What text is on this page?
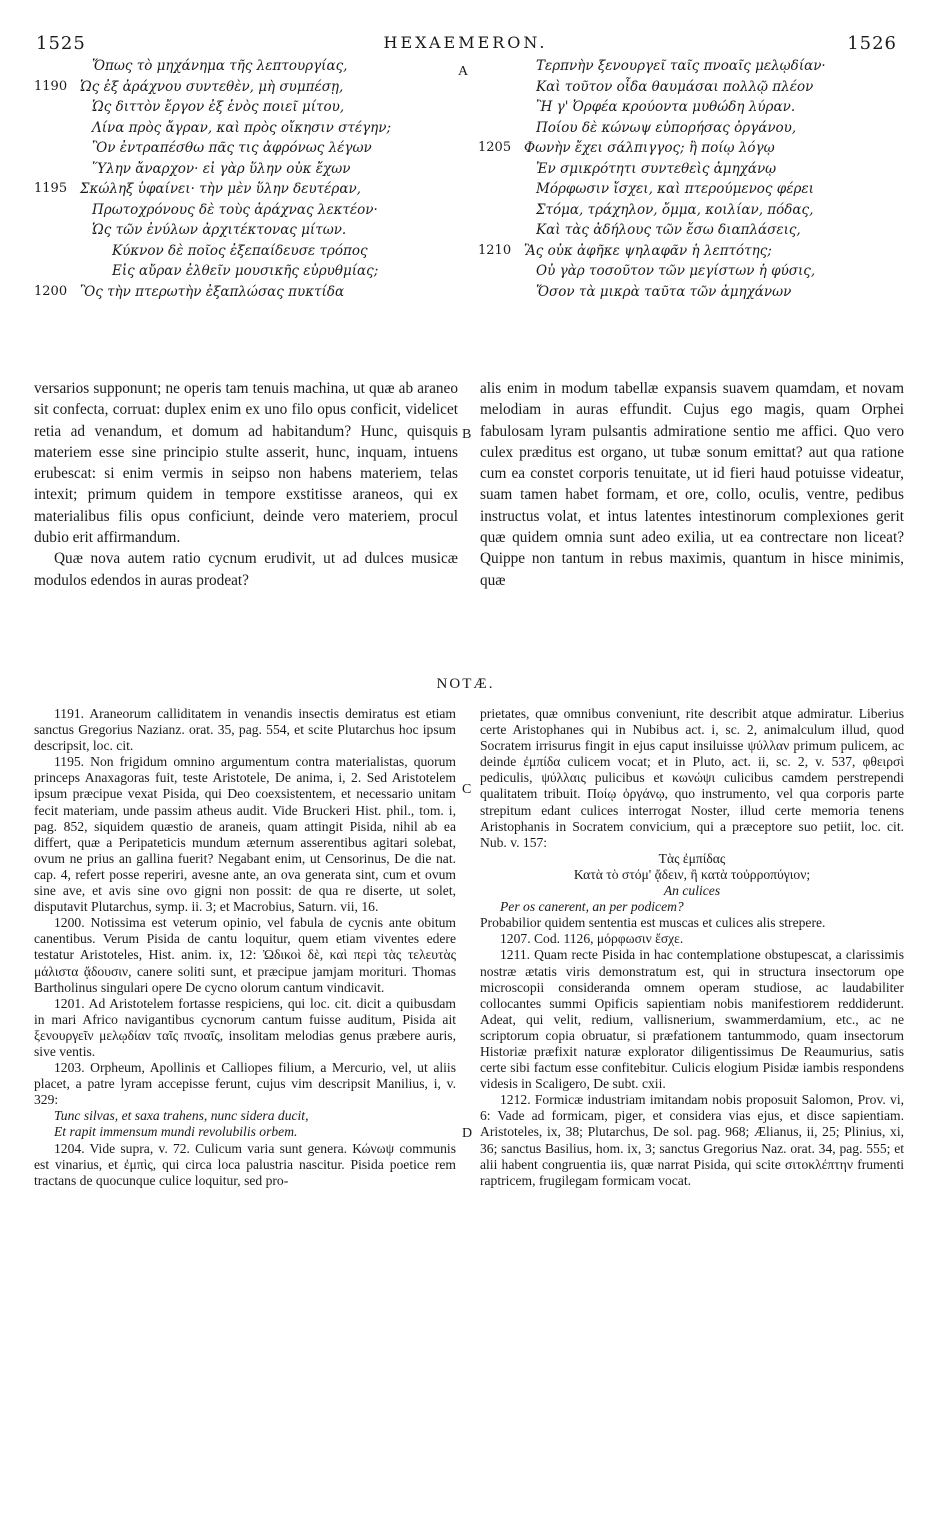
1525	HEXAEMERON.	1526
Ὅπως τὸ μηχάνημα τῆς λεπτουργίας,
1190 Ὡς ἐξ ἀράχνου συντεθὲν, μὴ συμπέσῃ,
Ὡς διττὸν ἔργον ἐξ ἑνὸς ποιεῖ μίτου,
Λίνα πρὸς ἄγραν, καὶ πρὸς οἴκησιν στέγην;
Ὃν ἐντραπέσθω πᾶς τις ἀφρόνως λέγων
Ὕλην ἄναρχον· εἰ γὰρ ὕλην οὐκ ἔχων
1195 Σκώληξ ὑφαίνει· τὴν μὲν ὕλην δευτέραν,
Πρωτοχρόνους δὲ τοὺς ἀράχνας λεκτέον·
Ὡς τῶν ἐνύλων ἀρχιτέκτονας μίτων.
Κύκνον δὲ ποῖος ἐξεπαίδευσε τρόπος
Εἰς αὔραν ἐλθεῖν μουσικῆς εὐρυθμίας;
1200 Ὃς τὴν πτερωτὴν ἐξαπλώσας πυκτίδα
Τερπνὴν ξενουργεῖ ταῖς πνοαῖς μελῳδίαν·
Καὶ τοῦτον οἶδα θαυμάσαι πολλῷ πλέον
Ἢ γ' Ὀρφέα κρούοντα μυθώδη λύραν.
Ποίου δὲ κώνωψ εὐπορήσας ὀργάνου,
1205 Φωνὴν ἔχει σάλπιγγος; ἢ ποίῳ λόγῳ
Ἐν σμικρότητι συντεθεὶς ἀμηχάνῳ
Μόρφωσιν ἴσχει, καὶ πτερούμενος φέρει
Στόμα, τράχηλον, ὄμμα, κοιλίαν, πόδας,
Καὶ τὰς ἀδήλους τῶν ἔσω διαπλάσεις,
1210 Ἃς οὐκ ἀφῆκε ψηλαφᾶν ἡ λεπτότης;
Οὐ γὰρ τοσοῦτον τῶν μεγίστων ἡ φύσις,
Ὅσον τὰ μικρὰ ταῦτα τῶν ἀμηχάνων
A

versarios supponunt; ne operis tam tenuis machina, ut quæ ab araneo sit confecta, corruat: duplex enim ex uno filo opus conficit, videlicet retia ad venandum, et domum ad habitandum? Hunc, quisquis materiem esse sine principio stulte asserit, hunc, inquam, intuens erubescat: si enim vermis in seipso non habens materiem, telas intexit; primum quidem in tempore exstitisse araneos, qui ex materialibus filis opus conficiunt, deinde vero materiem, procul dubio erit affirmandum.

Quæ nova autem ratio cycnum erudivit, ut ad dulces musicæ modulos edendos in auras prodeat?

alis enim in modum tabellæ expansis suavem quamdam, et novam melodiam in auras effundit. Cujus ego magis, quam Orphei fabulosam lyram pulsantis admiratione sentio me affici. Quo vero culex præditus est organo, ut tubæ sonum emittat? aut qua ratione cum ea constet corporis tenuitate, ut id fieri haud potuisse videatur, suam tamen habet formam, et ore, collo, oculis, ventre, pedibus instructus volat, et intus latentes intestinorum complexiones gerit quæ quidem omnia sunt adeo exilia, ut ea contrectare non liceat? Quippe non tantum in rebus maximis, quantum in hisce minimis, quæ

B
NOTÆ.

1191. Araneorum calliditatem in venandis insectis demiratus est etiam sanctus Gregorius Nazianz. orat. 35, pag. 554, et scite Plutarchus hoc ipsum descripsit, loc. cit.

1195. Non frigidum omnino argumentum contra materialistas, quorum princeps Anaxagoras fuit, teste Aristotele, De anima, i, 2. Sed Aristotelem ipsum præcipue vexat Pisida, qui Deo coexsistentem, et necessario unitam fecit materiam, unde passim atheus audit. Vide Bruckeri Hist. phil., tom. i, pag. 852, siquidem quæstio de araneis, quam attingit Pisida, nihil ab ea differt, quæ a Peripateticis mundum æternum asserentibus agitari solebat, ovum ne prius an gallina fuerit? Negabant enim, ut Censorinus, De die nat. cap. 4, refert posse reperiri, avesne ante, an ova generata sint, cum et ovum sine ave, et avis sine ovo gigni non possit: de qua re diserte, ut solet, disputavit Plutarchus, symp. ii. 3; et Macrobius, Saturn. vii, 16.

1200. Notissima est veterum opinio, vel fabula de cycnis ante obitum canentibus. Verum Pisida de cantu loquitur, quem etiam viventes edere testatur Aristoteles, Hist. anim. ix, 12: Ὠδικοὶ δὲ, καὶ περὶ τὰς τελευτὰς μάλιστα ᾄδουσιν, canere soliti sunt, et præcipue jamjam morituri. Thomas Bartholinus singulari opere De cycno olorum cantum vindicavit.

1201. Ad Aristotelem fortasse respiciens, qui loc. cit. dicit a quibusdam in mari Africo navigantibus cycnorum cantum fuisse auditum, Pisida ait ξενουργεῖν μελῳδίαν ταῖς πνοαῖς, insolitam melodias genus præbere auris, sive ventis.

1203. Orpheum, Apollinis et Calliopes filium, a Mercurio, vel, ut aliis placet, a patre lyram accepisse ferunt, cujus vim descripsit Manilius, i, v. 329:

Tunc silvas, et saxa trahens, nunc sidera ducit,

Et rapit immensum mundi revolubilis orbem.

1204. Vide supra, v. 72. Culicum varia sunt genera. Κώνωψ communis est vinarius, et ἐμπὶς, qui circa loca palustria nascitur. Pisida poetice rem tractans de quocunque culice loquitur, sed pro-

prietates, quæ omnibus conveniunt, rite describit atque admiratur. Liberius certe Aristophanes qui in Nubibus act. i, sc. 2, animalculum illud, quod Socratem irrisurus fingit in ejus caput insiluisse ψύλλαν primum pulicem, ac deinde ἐμπίδα culicem vocat; et in Pluto, act. ii, sc. 2, v. 537, φθειρσὶ pediculis, ψύλλαις pulicibus et κωνώψι culicibus camdem perstrependi qualitatem tribuit. Ποίῳ ὀργάνῳ, quo instrumento, vel qua corporis parte strepitum edant culices interrogat Noster, illud certe memoria tenens Aristophanis in Socratem convicium, qui a præceptore suo petiit, loc. cit. Nub. v. 157:

Τὰς ἐμπίδας

Κατὰ τὸ στόμ' ᾄδειν, ἢ κατὰ τοὐρροπύγιον;

An culices

Per os canerent, an per podicem?

Probabilior quidem sententia est muscas et culices alis strepere.

1207. Cod. 1126, μόρφωσιν ἔσχε.

1211. Quam recte Pisida in hac contemplatione obstupescat, a clarissimis nostræ ætatis viris demonstratum est, qui in structura insectorum ope microscopii consideranda omnem operam studiose, ac laudabiliter collocantes summi Opificis sapientiam nobis manifestiorem reddiderunt. Adeat, qui velit, redium, vallisnerium, swammerdamium, etc., ac ne scriptorum copia obruatur, si præfationem tantummodo, quam insectorum Historiæ præfixit naturæ explorator diligentissimus De Reaumurius, satis certe sibi factum esse confitebitur. Culicis elogium Pisidæ iambis respondens videsis in Scaligero, De subt. cxii.

1212. Formicæ industriam imitandam nobis proposuit Salomon, Prov. vi, 6: Vade ad formicam, piger, et considera vias ejus, et disce sapientiam. Aristoteles, ix, 38; Plutarchus, De sol. pag. 968; Ælianus, ii, 25; Plinius, xi, 36; sanctus Basilius, hom. ix, 3; sanctus Gregorius Naz. orat. 34, pag. 555; et alii habent congruentia iis, quæ narrat Pisida, qui scite σιτοκλέπτην frumenti raptricem, frugilegam formicam vocat.

C
D
